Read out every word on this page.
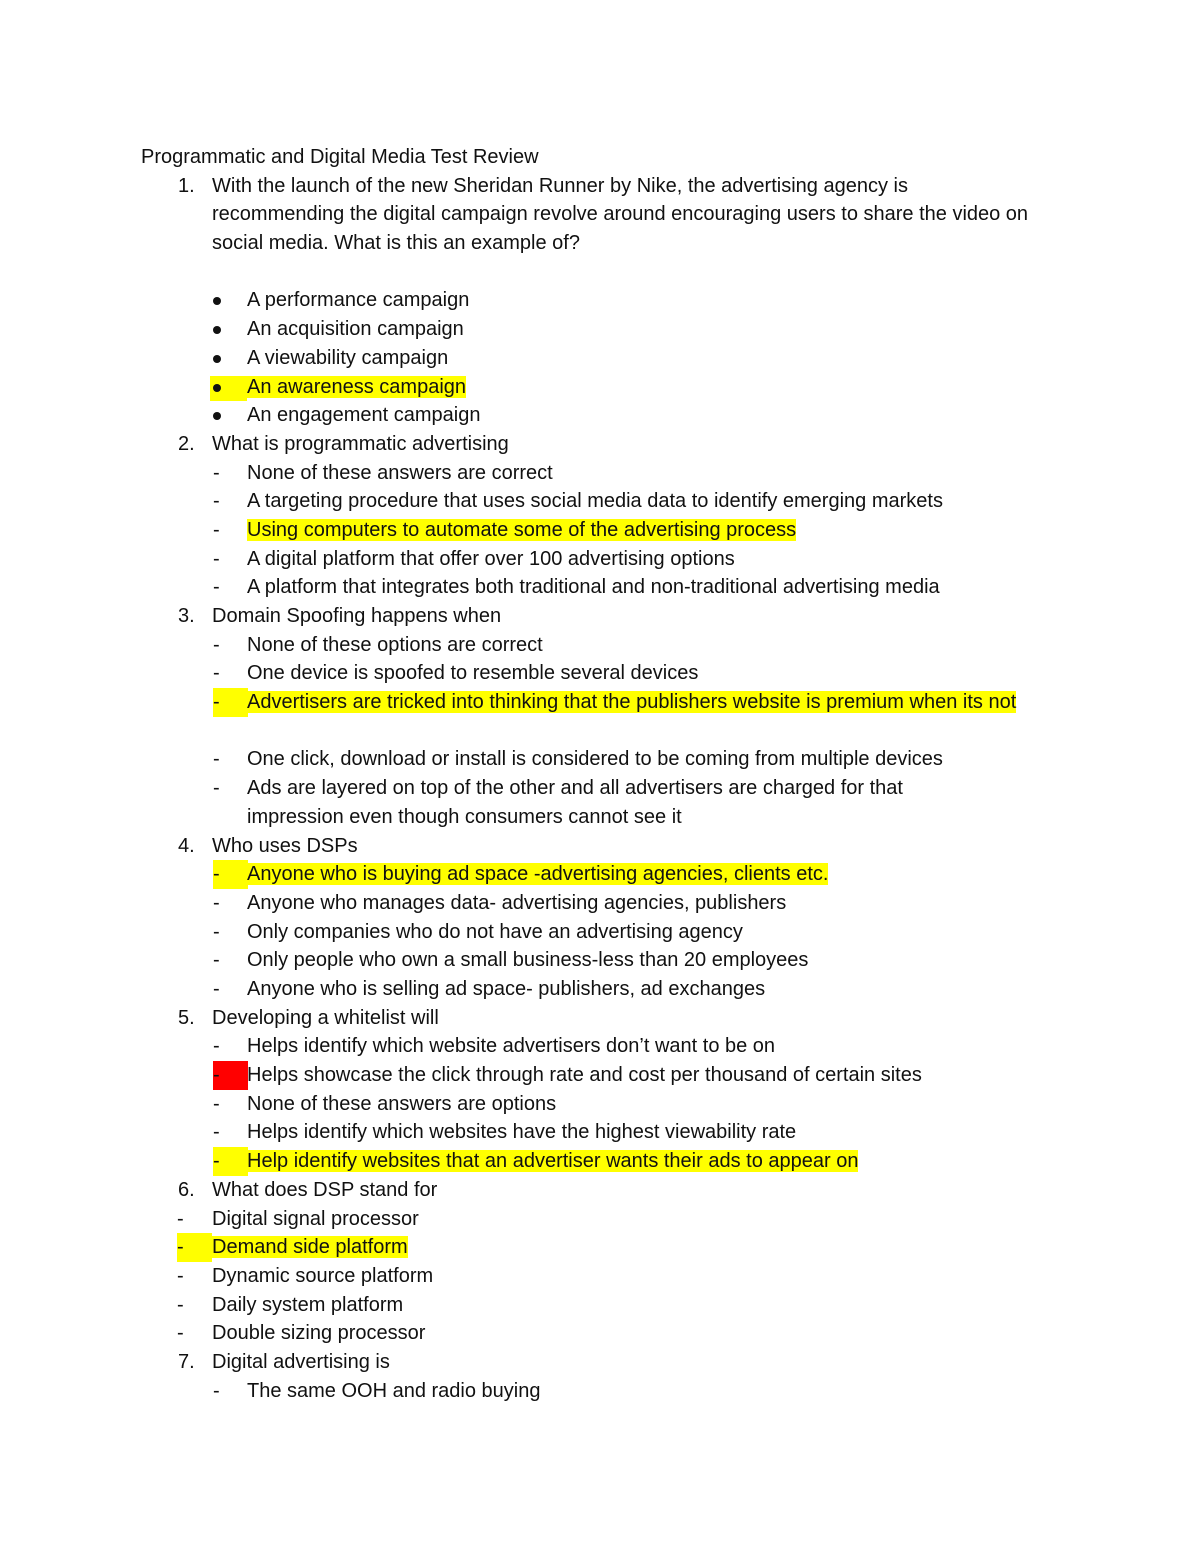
Programmatic and Digital Media Test Review
1. With the launch of the new Sheridan Runner by Nike, the advertising agency is recommending the digital campaign revolve around encouraging users to share the video on social media. What is this an example of?
A performance campaign
An acquisition campaign
A viewability campaign
An awareness campaign
An engagement campaign
2. What is programmatic advertising
-	None of these answers are correct
-	A targeting procedure that uses social media data to identify emerging markets
-	Using computers to automate some of the advertising process
-	A digital platform that offer over 100 advertising options
-	A platform that integrates both traditional and non-traditional advertising media
3. Domain Spoofing happens when
-	None of these options are correct
-	One device is spoofed to resemble several devices
-	Advertisers are tricked into thinking that the publishers website is premium when its not
-	One click, download or install is considered to be coming from multiple devices
-	Ads are layered on top of the other and all advertisers are charged for that impression even though consumers cannot see it
4. Who uses DSPs
-	Anyone who is buying ad space -advertising agencies, clients etc.
-	Anyone who manages data- advertising agencies, publishers
-	Only companies who do not have an advertising agency
-	Only people who own a small business-less than 20 employees
-	Anyone who is selling ad space- publishers, ad exchanges
5. Developing a whitelist will
-	Helps identify which website advertisers don’t want to be on
-	Helps showcase the click through rate and cost per thousand of certain sites
-	None of these answers are options
-	Helps identify which websites have the highest viewability rate
-	Help identify websites that an advertiser wants their ads to appear on
6. What does DSP stand for
-	Digital signal processor
-	Demand side platform
-	Dynamic source platform
-	Daily system platform
-	Double sizing processor
7. Digital advertising is
-	The same OOH and radio buying
